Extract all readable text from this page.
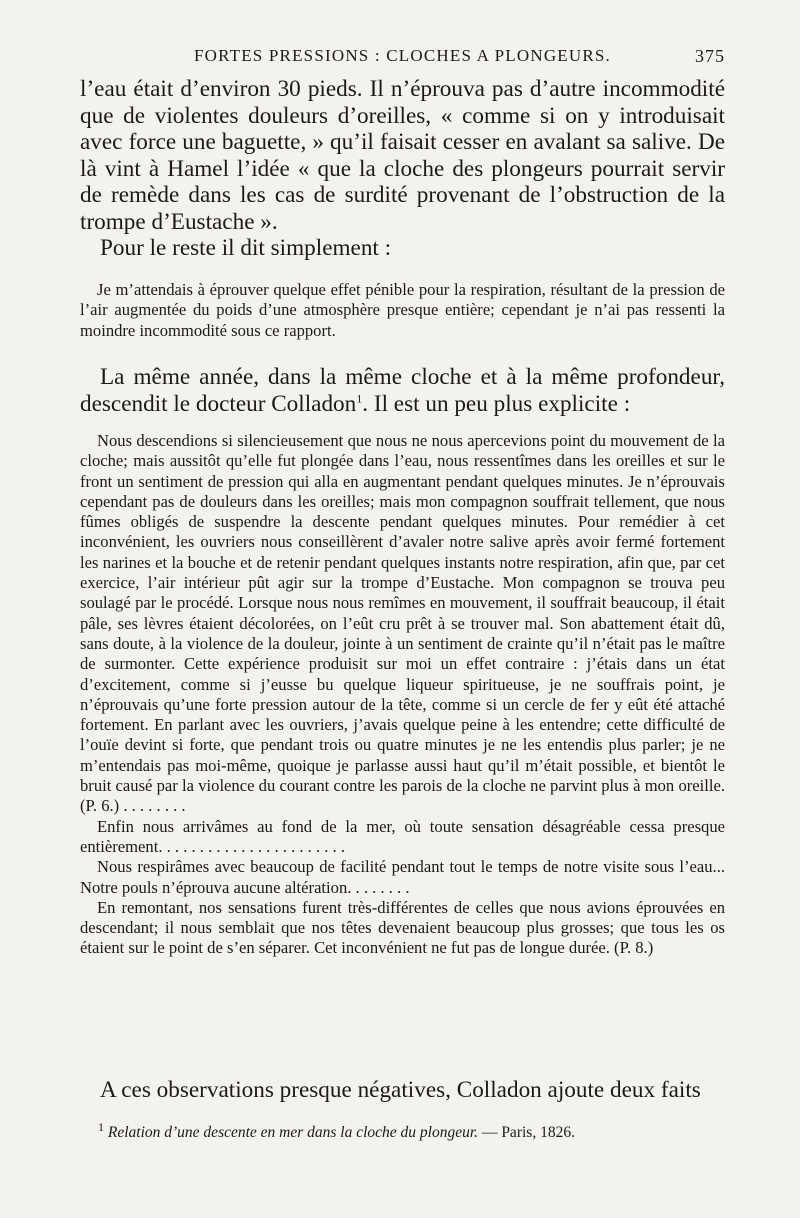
FORTES PRESSIONS : CLOCHES A PLONGEURS.	375

l’eau était d’environ 30 pieds. Il n’éprouva pas d’autre incommodité que de violentes douleurs d’oreilles, « comme si on y introduisait avec force une baguette, » qu’il faisait cesser en avalant sa salive. De là vint à Hamel l’idée « que la cloche des plongeurs pourrait servir de remède dans les cas de surdité provenant de l’obstruction de la trompe d’Eustache ».

Pour le reste il dit simplement :

Je m’attendais à éprouver quelque effet pénible pour la respiration, résultant de la pression de l’air augmentée du poids d’une atmosphère presque entière; cependant je n’ai pas ressenti la moindre incommodité sous ce rapport.

La même année, dans la même cloche et à la même profondeur, descendit le docteur Colladon$^1$. Il est un peu plus explicite :

Nous descendions si silencieusement que nous ne nous apercevions point du mouvement de la cloche; mais aussitôt qu’elle fut plongée dans l’eau, nous ressentîmes dans les oreilles et sur le front un sentiment de pression qui alla en augmentant pendant quelques minutes. Je n’éprouvais cependant pas de douleurs dans les oreilles; mais mon compagnon souffrait tellement, que nous fûmes obligés de suspendre la descente pendant quelques minutes. Pour remédier à cet inconvénient, les ouvriers nous conseillèrent d’avaler notre salive après avoir fermé fortement les narines et la bouche et de retenir pendant quelques instants notre respiration, afin que, par cet exercice, l’air intérieur pût agir sur la trompe d’Eustache. Mon compagnon se trouva peu soulagé par le procédé. Lorsque nous nous remîmes en mouvement, il souffrait beaucoup, il était pâle, ses lèvres étaient décolorées, on l’eût cru prêt à se trouver mal. Son abattement était dû, sans doute, à la violence de la douleur, jointe à un sentiment de crainte qu’il n’était pas le maître de surmonter. Cette expérience produisit sur moi un effet contraire : j’étais dans un état d’excitement, comme si j’eusse bu quelque liqueur spiritueuse, je ne souffrais point, je n’éprouvais qu’une forte pression autour de la tête, comme si un cercle de fer y eût été attaché fortement. En parlant avec les ouvriers, j’avais quelque peine à les entendre; cette difficulté de l’ouïe devint si forte, que pendant trois ou quatre minutes je ne les entendis plus parler; je ne m’entendais pas moi-même, quoique je parlasse aussi haut qu’il m’était possible, et bientôt le bruit causé par la violence du courant contre les parois de la cloche ne parvint plus à mon oreille. (P. 6.) . . . . . . . .

Enfin nous arrivâmes au fond de la mer, où toute sensation désagréable cessa presque entièrement. . . . . . . . . . . . . . . . . . . . . . .

Nous respirâmes avec beaucoup de facilité pendant tout le temps de notre visite sous l’eau... Notre pouls n’éprouva aucune altération. . . . . . . .

En remontant, nos sensations furent très-différentes de celles que nous avions éprouvées en descendant; il nous semblait que nos têtes devenaient beaucoup plus grosses; que tous les os étaient sur le point de s’en séparer. Cet inconvénient ne fut pas de longue durée. (P. 8.)

A ces observations presque négatives, Colladon ajoute deux faits

$^1$ Relation d’une descente en mer dans la cloche du plongeur. — Paris, 1826.
